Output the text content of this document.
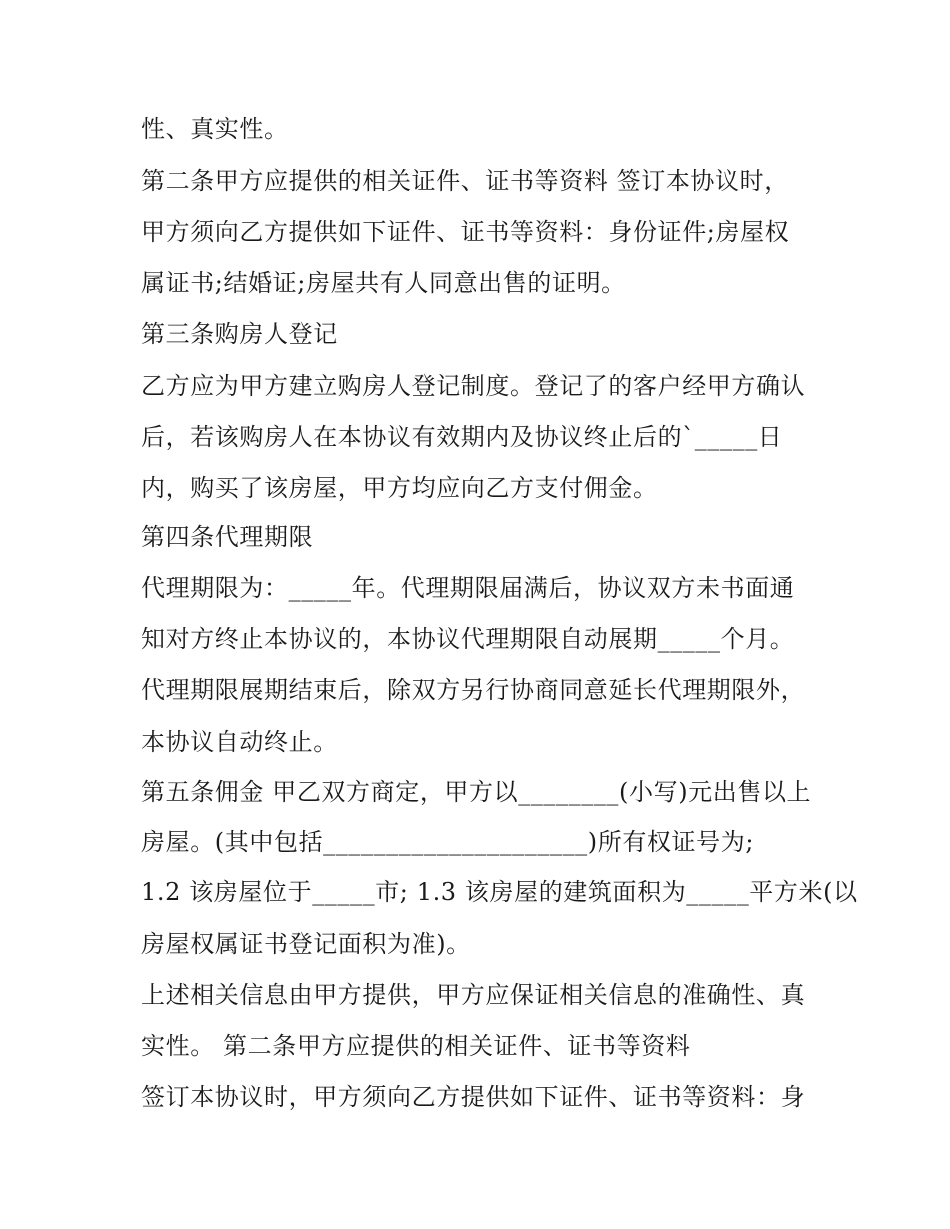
性、真实性。
第二条甲方应提供的相关证件、证书等资料 签订本协议时，
甲方须向乙方提供如下证件、证书等资料：身份证件;房屋权
属证书;结婚证;房屋共有人同意出售的证明。
第三条购房人登记
乙方应为甲方建立购房人登记制度。登记了的客户经甲方确认
后，若该购房人在本协议有效期内及协议终止后的`_____日
内，购买了该房屋，甲方均应向乙方支付佣金。
第四条代理期限
代理期限为：_____年。代理期限届满后，协议双方未书面通
知对方终止本协议的，本协议代理期限自动展期_____个月。
代理期限展期结束后，除双方另行协商同意延长代理期限外，
本协议自动终止。
第五条佣金 甲乙双方商定，甲方以________(小写)元出售以上
房屋。(其中包括_____________________)所有权证号为;
1.2 该房屋位于_____市; 1.3 该房屋的建筑面积为_____平方米(以
房屋权属证书登记面积为准)。
上述相关信息由甲方提供，甲方应保证相关信息的准确性、真
实性。 第二条甲方应提供的相关证件、证书等资料
签订本协议时，甲方须向乙方提供如下证件、证书等资料：身
